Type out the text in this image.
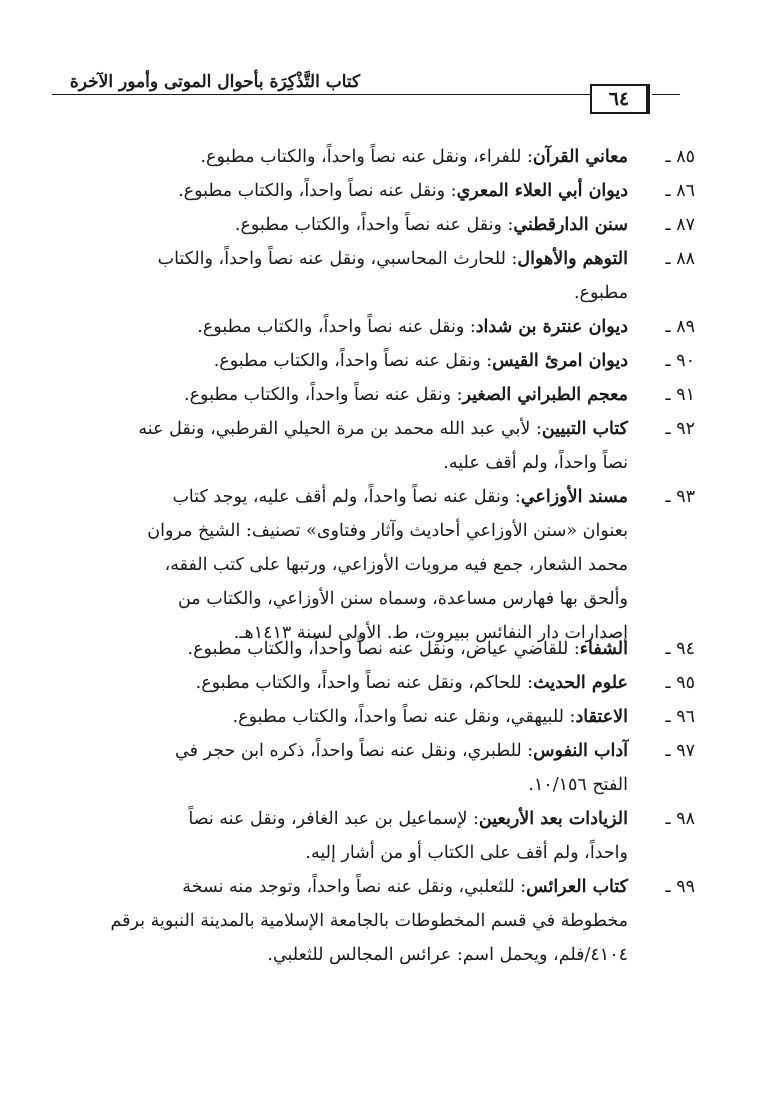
كتاب التَّذْكِرَة بأحوال الموتى وأمور الآخرة
٦٤
٨٥ ـ
معاني القرآن: للفراء، ونقل عنه نصاً واحداً، والكتاب مطبوع.
٨٦ ـ
ديوان أبي العلاء المعري: ونقل عنه نصاً واحداً، والكتاب مطبوع.
٨٧ ـ
سنن الدارقطني: ونقل عنه نصاً واحداً، والكتاب مطبوع.
٨٨ ـ
التوهم والأهوال: للحارث المحاسبي، ونقل عنه نصاً واحداً، والكتاب
مطبوع.
٨٩ ـ
ديوان عنترة بن شداد: ونقل عنه نصاً واحداً، والكتاب مطبوع.
٩٠ ـ
ديوان امرئ القيس: ونقل عنه نصاً واحداً، والكتاب مطبوع.
٩١ ـ
معجم الطبراني الصغير: ونقل عنه نصاً واحداً، والكتاب مطبوع.
٩٢ ـ
كتاب التبيين: لأبي عبد الله محمد بن مرة الحيلي القرطبي، ونقل عنه
نصاً واحداً، ولم أقف عليه.
٩٣ ـ
مسند الأوزاعي: ونقل عنه نصاً واحداً، ولم أقف عليه، يوجد كتاب
بعنوان «سنن الأوزاعي أحاديث وآثار وفتاوى» تصنيف: الشيخ مروان
محمد الشعار، جمع فيه مرويات الأوزاعي، ورتبها على كتب الفقه،
وألحق بها فهارس مساعدة، وسماه سنن الأوزاعي، والكتاب من
إصدارات دار النفائس ببيروت، ط. الأولى لسنة ١٤١٣هـ.
٩٤ ـ
الشفاء: للقاضي عياض، ونقل عنه نصاً واحداً، والكتاب مطبوع.
٩٥ ـ
علوم الحديث: للحاكم، ونقل عنه نصاً واحداً، والكتاب مطبوع.
٩٦ ـ
الاعتقاد: للبيهقي، ونقل عنه نصاً واحداً، والكتاب مطبوع.
٩٧ ـ
آداب النفوس: للطبري، ونقل عنه نصاً واحداً، ذكره ابن حجر في
الفتح ١٠/١٥٦.
٩٨ ـ
الزيادات بعد الأربعين: لإسماعيل بن عبد الغافر، ونقل عنه نصاً
واحداً، ولم أقف على الكتاب أو من أشار إليه.
٩٩ ـ
كتاب العرائس: للثعلبي، ونقل عنه نصاً واحداً، وتوجد منه نسخة
مخطوطة في قسم المخطوطات بالجامعة الإسلامية بالمدينة النبوية برقم
٤١٠٤/فلم، ويحمل اسم: عرائس المجالس للثعلبي.
